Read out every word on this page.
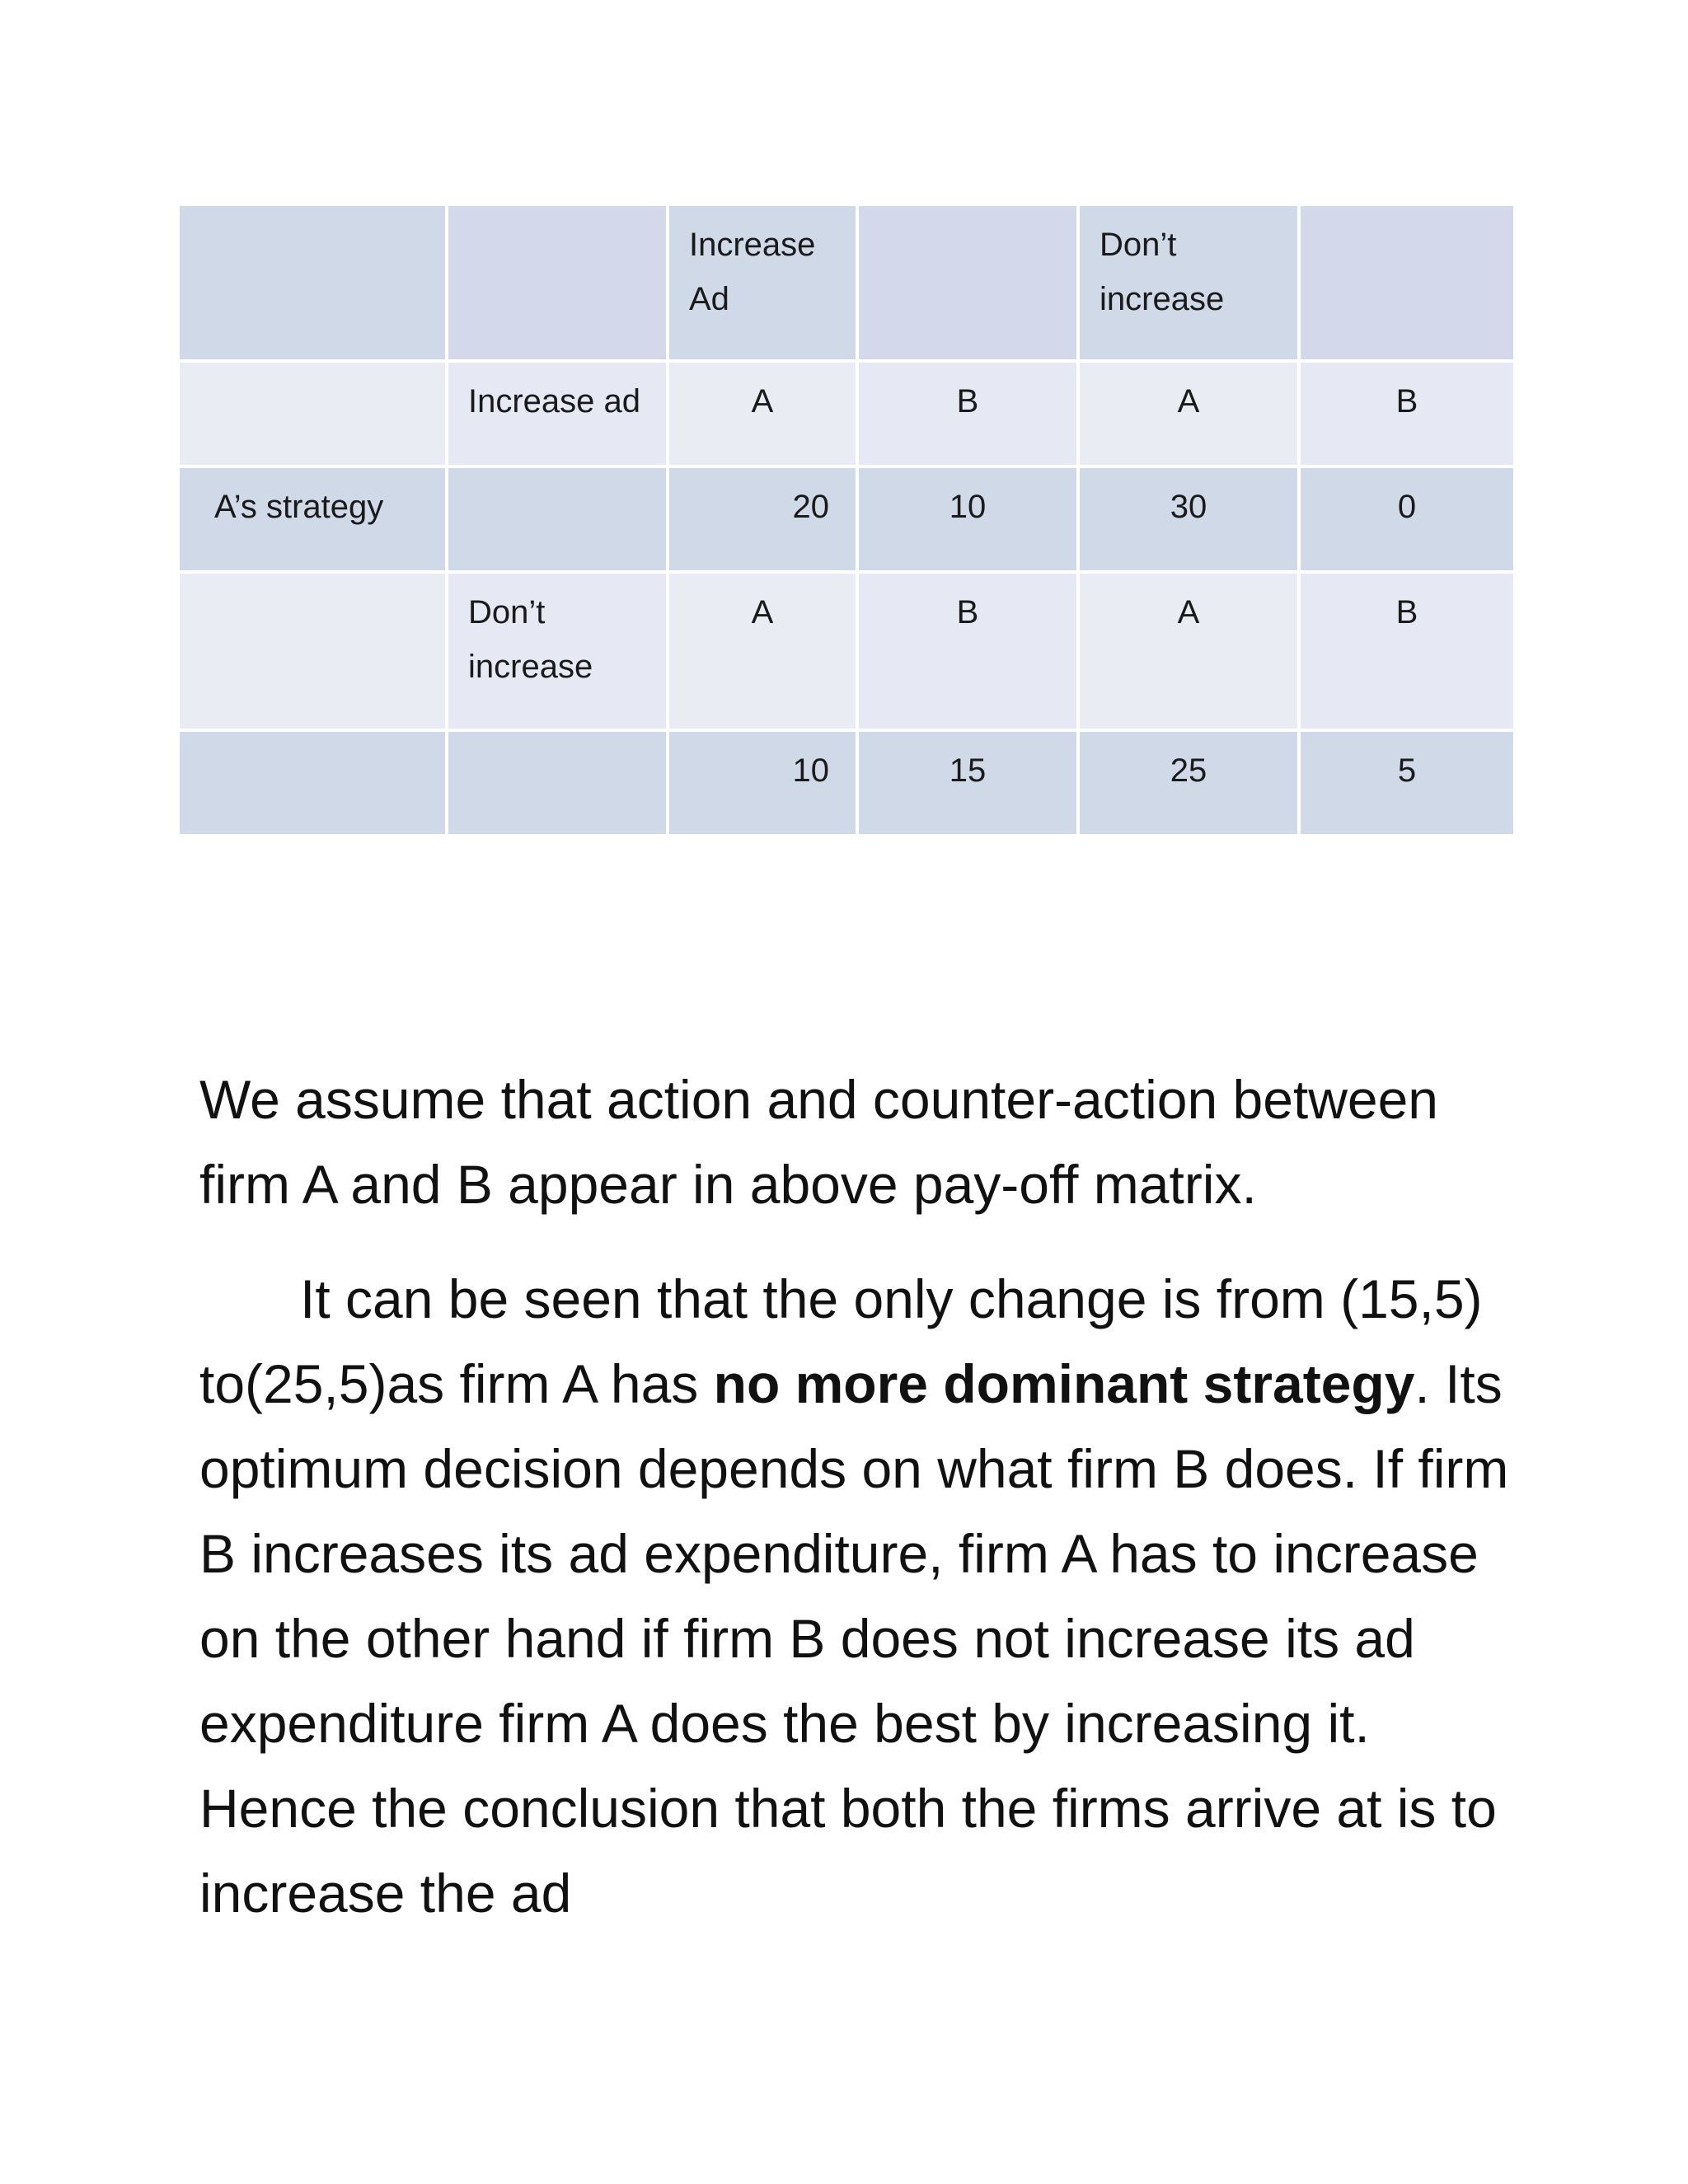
		Increase Ad		Don’t increase	
	Increase ad	A	B	A	B
A’s strategy		20	10	30	0
	Don’t increase	A	B	A	B
		10	15	25	5

We assume that action and counter-action between firm A and B appear in above pay-off matrix.

It can be seen that the only change is from (15,5) to(25,5)as firm A has no more dominant strategy. Its optimum decision depends on what firm B does. If firm B increases its ad expenditure, firm A has to increase on the other hand if firm B does not increase its ad expenditure firm A does the best by increasing it. Hence the conclusion that both the firms arrive at is to increase the ad
